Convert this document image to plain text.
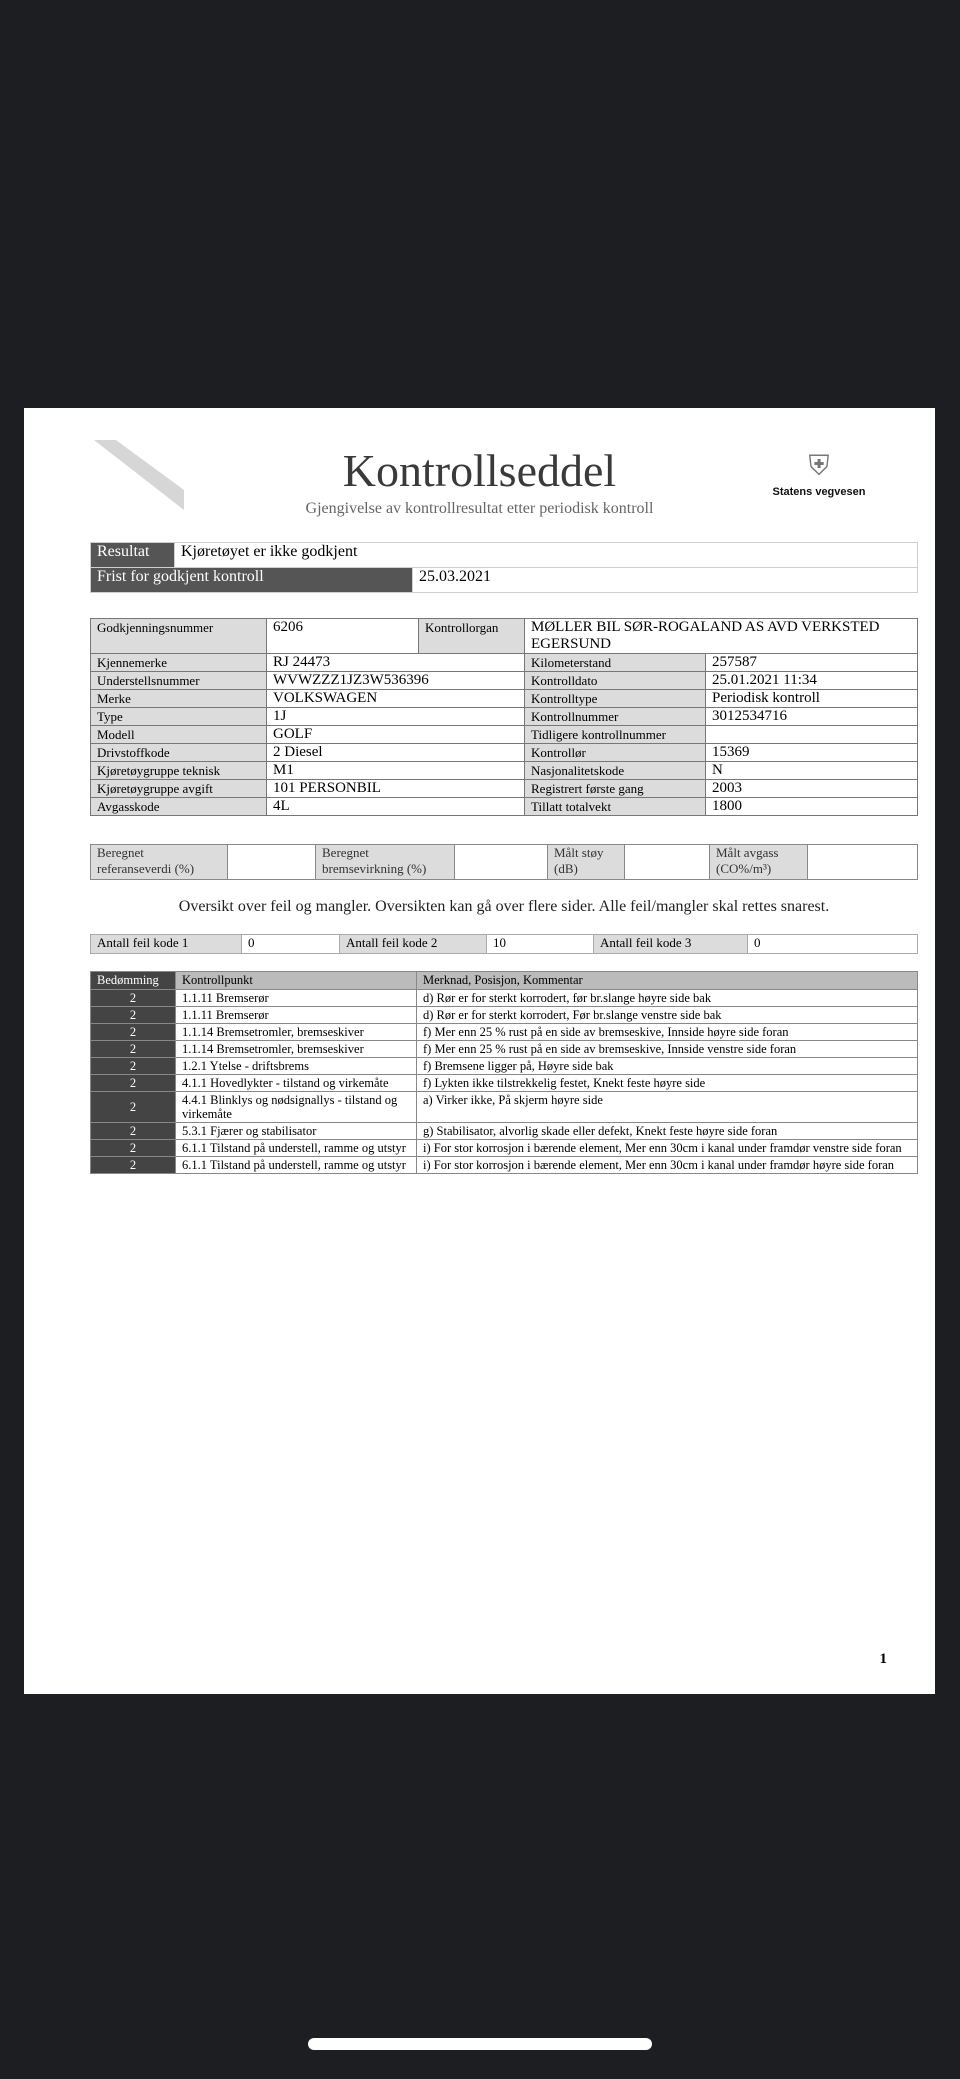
Kontrollseddel
Gjengivelse av kontrollresultat etter periodisk kontroll
⛨
Statens vegvesen
Resultat	Kjøretøyet er ikke godkjent	
Frist for godkjent kontroll		25.03.2021
Godkjenningsnummer	6206	Kontrollorgan	MØLLER BIL SØR-ROGALAND AS AVD VERKSTED EGERSUND	
Kjennemerke	RJ 24473		Kilometerstand	257587
Understellsnummer	WVWZZZ1JZ3W536396		Kontrolldato	25.01.2021 11:34
Merke	VOLKSWAGEN		Kontrolltype	Periodisk kontroll
Type	1J		Kontrollnummer	3012534716
Modell	GOLF		Tidligere kontrollnummer	
Drivstoffkode	2 Diesel		Kontrollør	15369
Kjøretøygruppe teknisk	M1		Nasjonalitetskode	N
Kjøretøygruppe avgift	101 PERSONBIL		Registrert første gang	2003
Avgasskode	4L		Tillatt totalvekt	1800
Beregnet referanseverdi (%)		Beregnet bremsevirkning (%)		Målt støy (dB)		Målt avgass (CO%/m³)	
Oversikt over feil og mangler. Oversikten kan gå over flere sider. Alle feil/mangler skal rettes snarest.
Antall feil kode 1	0	Antall feil kode 2	10	Antall feil kode 3	0
Bedømming	Kontrollpunkt	Merknad, Posisjon, Kommentar
2	1.1.11 Bremserør	d) Rør er for sterkt korrodert, før br.slange høyre side bak
2	1.1.11 Bremserør	d) Rør er for sterkt korrodert, Før br.slange venstre side bak
2	1.1.14 Bremsetromler, bremseskiver	f) Mer enn 25 % rust på en side av bremseskive, Innside høyre side foran
2	1.1.14 Bremsetromler, bremseskiver	f) Mer enn 25 % rust på en side av bremseskive, Innside venstre side foran
2	1.2.1 Ytelse - driftsbrems	f) Bremsene ligger på, Høyre side bak
2	4.1.1 Hovedlykter - tilstand og virkemåte	f) Lykten ikke tilstrekkelig festet, Knekt feste høyre side
2	4.4.1 Blinklys og nødsignallys - tilstand og virkemåte	a) Virker ikke, På skjerm høyre side
2	5.3.1 Fjærer og stabilisator	g) Stabilisator, alvorlig skade eller defekt, Knekt feste høyre side foran
2	6.1.1 Tilstand på understell, ramme og utstyr	i) For stor korrosjon i bærende element, Mer enn 30cm i kanal under framdør venstre side foran
2	6.1.1 Tilstand på understell, ramme og utstyr	i) For stor korrosjon i bærende element, Mer enn 30cm i kanal under framdør høyre side foran
1
